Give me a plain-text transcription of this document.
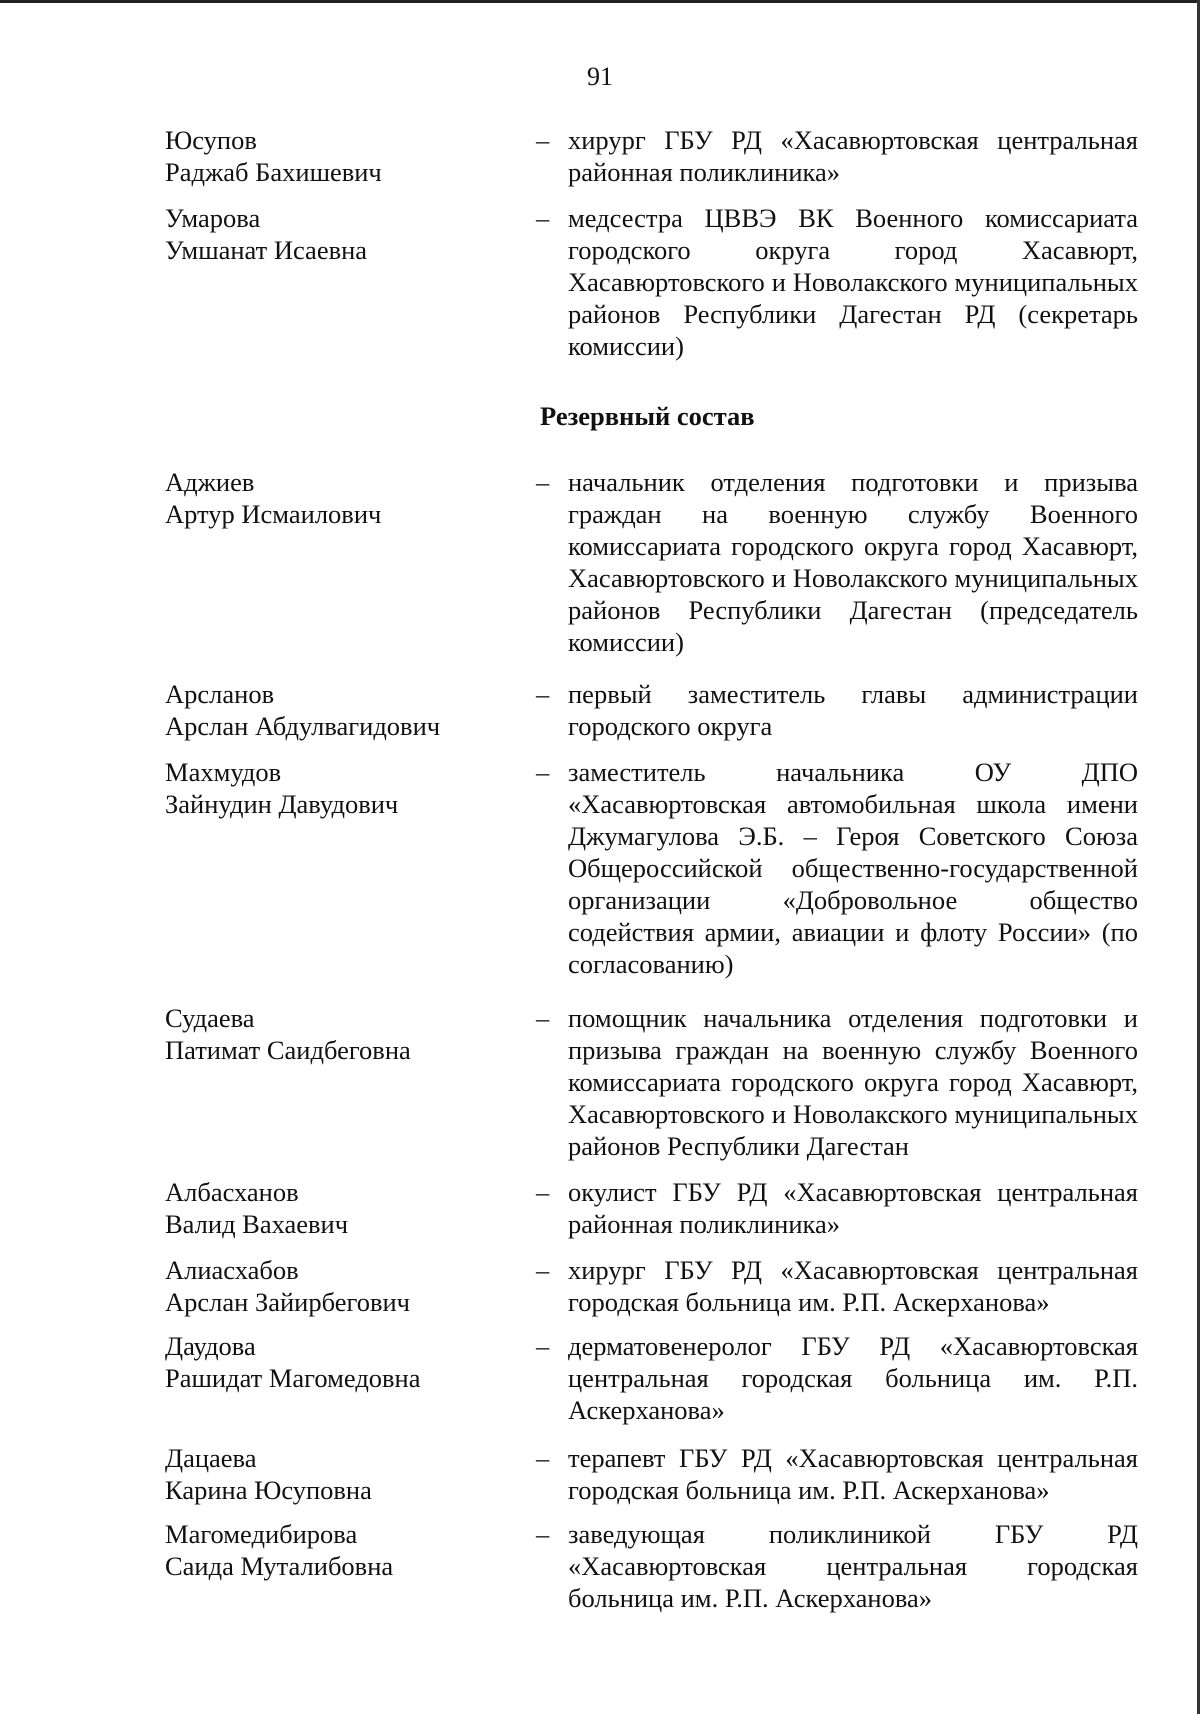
91
Юсупов
Раджаб Бахишевич
– хирург ГБУ РД «Хасавюртовская центральная районная поликлиника»
Умарова
Умшанат Исаевна
– медсестра ЦВВЭ ВК Военного комиссариата городского округа город Хасавюрт, Хасавюртовского и Новолакского муниципальных районов Республики Дагестан РД (секретарь комиссии)
Резервный состав
Аджиев
Артур Исмаилович
– начальник отделения подготовки и призыва граждан на военную службу Военного комиссариата городского округа город Хасавюрт, Хасавюртовского и Новолакского муниципальных районов Республики Дагестан (председатель комиссии)
Арсланов
Арслан Абдулвагидович
– первый заместитель главы администрации городского округа
Махмудов
Зайнудин Давудович
– заместитель начальника ОУ ДПО «Хасавюртовская автомобильная школа имени Джумагулова Э.Б. – Героя Советского Союза Общероссийской общественно-государственной организации «Добровольное общество содействия армии, авиации и флоту России» (по согласованию)
Судаева
Патимат Саидбеговна
– помощник начальника отделения подготовки и призыва граждан на военную службу Военного комиссариата городского округа город Хасавюрт, Хасавюртовского и Новолакского муниципальных районов Республики Дагестан
Албасханов
Валид Вахаевич
– окулист ГБУ РД «Хасавюртовская центральная районная поликлиника»
Алиасхабов
Арслан Зайирбегович
– хирург ГБУ РД «Хасавюртовская центральная городская больница им. Р.П. Аскерханова»
Даудова
Рашидат Магомедовна
– дерматовенеролог ГБУ РД «Хасавюртовская центральная городская больница им. Р.П. Аскерханова»
Дацаева
Карина Юсуповна
– терапевт ГБУ РД «Хасавюртовская центральная городская больница им. Р.П. Аскерханова»
Магомедибирова
Саида Муталибовна
– заведующая поликлиникой ГБУ РД «Хасавюртовская центральная городская больница им. Р.П. Аскерханова»
